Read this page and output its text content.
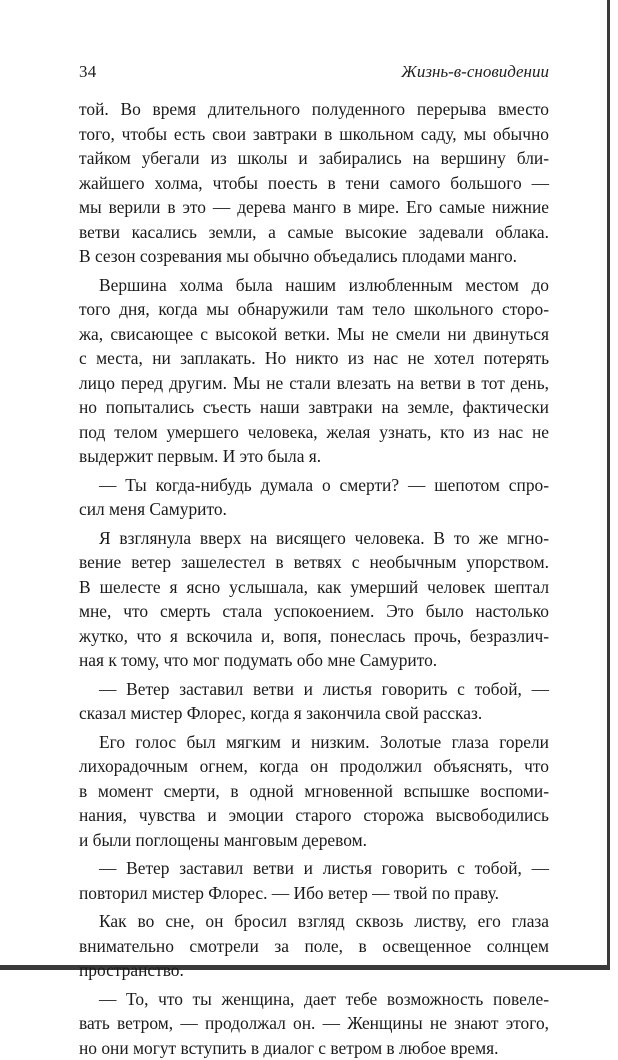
34	Жизнь-в-сновидении
той. Во время длительного полуденного перерыва вместо
того, чтобы есть свои завтраки в школьном саду, мы обычно
тайком убегали из школы и забирались на вершину бли-
жайшего холма, чтобы поесть в тени самого большого —
мы верили в это — дерева манго в мире. Его самые нижние
ветви касались земли, а самые высокие задевали облака.
В сезон созревания мы обычно объедались плодами манго.
Вершина холма была нашим излюбленным местом до
того дня, когда мы обнаружили там тело школьного сторо-
жа, свисающее с высокой ветки. Мы не смели ни двинуться
с места, ни заплакать. Но никто из нас не хотел потерять
лицо перед другим. Мы не стали влезать на ветви в тот день,
но попытались съесть наши завтраки на земле, фактически
под телом умершего человека, желая узнать, кто из нас не
выдержит первым. И это была я.
— Ты когда-нибудь думала о смерти? — шепотом спро-
сил меня Самурито.
Я взглянула вверх на висящего человека. В то же мгно-
вение ветер зашелестел в ветвях с необычным упорством.
В шелесте я ясно услышала, как умерший человек шептал
мне, что смерть стала успокоением. Это было настолько
жутко, что я вскочила и, вопя, понеслась прочь, безразлич-
ная к тому, что мог подумать обо мне Самурито.
— Ветер заставил ветви и листья говорить с тобой, —
сказал мистер Флорес, когда я закончила свой рассказ.
Его голос был мягким и низким. Золотые глаза горели
лихорадочным огнем, когда он продолжил объяснять, что
в момент смерти, в одной мгновенной вспышке воспоми-
нания, чувства и эмоции старого сторожа высвободились
и были поглощены манговым деревом.
— Ветер заставил ветви и листья говорить с тобой, —
повторил мистер Флорес. — Ибо ветер — твой по праву.
Как во сне, он бросил взгляд сквозь листву, его глаза
внимательно смотрели за поле, в освещенное солнцем
пространство.
— То, что ты женщина, дает тебе возможность повеле-
вать ветром, — продолжал он. — Женщины не знают этого,
но они могут вступить в диалог с ветром в любое время.
